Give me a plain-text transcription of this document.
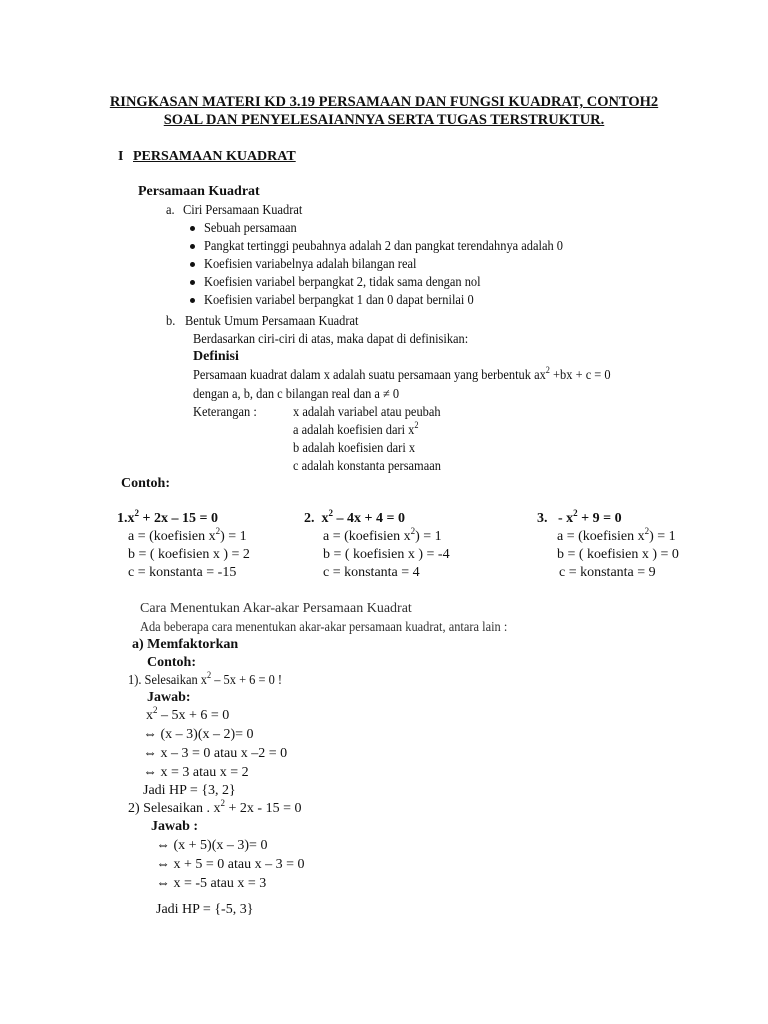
RINGKASAN MATERI KD 3.19 PERSAMAAN DAN FUNGSI KUADRAT, CONTOH2
SOAL DAN PENYELESAIANNYA SERTA TUGAS TERSTRUKTUR.
I PERSAMAAN KUADRAT
Persamaan Kuadrat
a. Ciri Persamaan Kuadrat
Sebuah persamaan
Pangkat tertinggi peubahnya adalah 2 dan pangkat terendahnya adalah 0
Koefisien variabelnya adalah bilangan real
Koefisien variabel berpangkat 2, tidak sama dengan nol
Koefisien variabel berpangkat 1 dan 0 dapat bernilai 0
b. Bentuk Umum Persamaan Kuadrat
Berdasarkan ciri-ciri di atas, maka dapat di definisikan:
Definisi
Persamaan kuadrat dalam x adalah suatu persamaan yang berbentuk $ax^2 +bx + c = 0$
dengan a, b, dan c bilangan real dan a ≠ 0
Keterangan :	x adalah variabel atau peubah
a adalah koefisien dari $x^2$
b adalah koefisien dari x
c adalah konstanta persamaan
Contoh:
$1.x^2 + 2x - 15 = 0$
a = (koefisien $x^2) = 1$
b = ( koefisien x ) = 2
c = konstanta = -15
2. $x^2 - 4x + 4 = 0$
a = (koefisien $x^2) = 1$
b = ( koefisien x ) = -4
c = konstanta = 4
3. - $x^2 + 9 = 0$
a = (koefisien $x^2) = 1$
b = ( koefisien x ) = 0
c = konstanta = 9
Cara Menentukan Akar-akar Persamaan Kuadrat
Ada beberapa cara menentukan akar-akar persamaan kuadrat, antara lain :
a) Memfaktorkan
Contoh:
1). Selesaikan $x^2 - 5x + 6 = 0$ !
Jawab:
$x^2 - 5x + 6 = 0$
⇔ (x – 3)(x – 2)= 0
⇔ x – 3 = 0 atau x –2 = 0
⇔ x = 3 atau x = 2
Jadi HP = {3, 2}
2) Selesaikan . $x^2 + 2x - 15 = 0$
Jawab :
⇔ (x + 5)(x – 3)= 0
⇔ x + 5 = 0 atau x – 3 = 0
⇔ x = -5 atau x = 3
Jadi HP = {-5, 3}
